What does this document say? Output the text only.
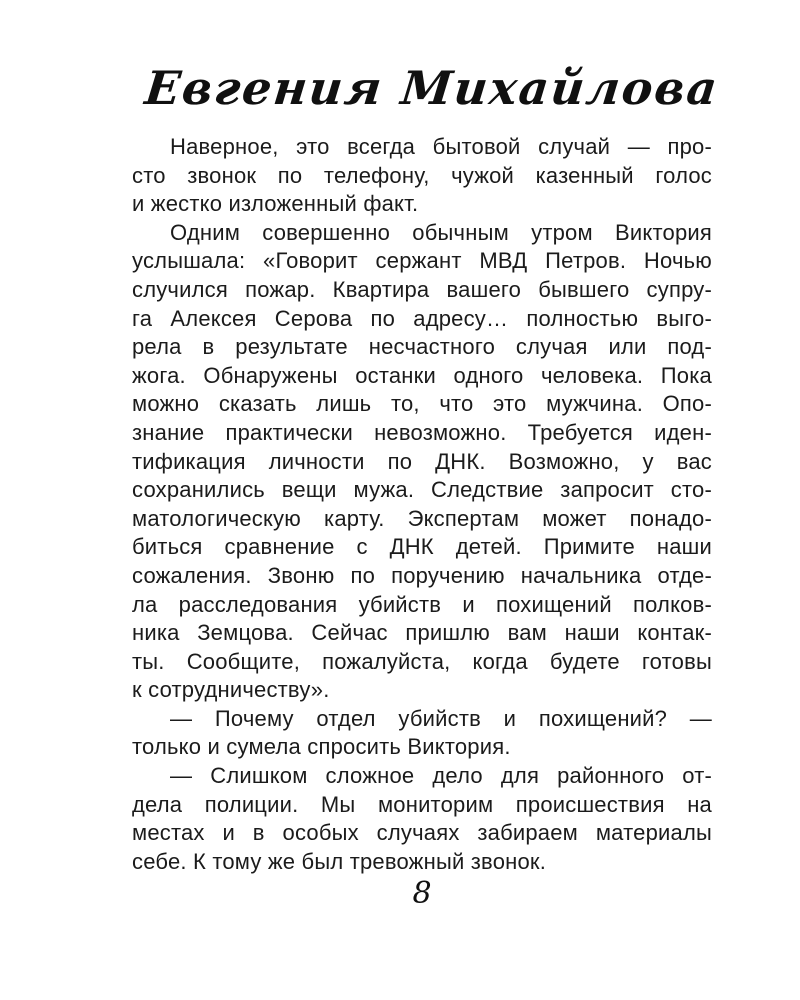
Евгения Михайлова
Наверное, это всегда бытовой случай — про-
сто звонок по телефону, чужой казенный голос
и жестко изложенный факт.
Одним совершенно обычным утром Виктория
услышала: «Говорит сержант МВД Петров. Ночью
случился пожар. Квартира вашего бывшего супру-
га Алексея Серова по адресу… полностью выго-
рела в результате несчастного случая или под-
жога. Обнаружены останки одного человека. Пока
можно сказать лишь то, что это мужчина. Опо-
знание практически невозможно. Требуется иден-
тификация личности по ДНК. Возможно, у вас
сохранились вещи мужа. Следствие запросит сто-
матологическую карту. Экспертам может понадо-
биться сравнение с ДНК детей. Примите наши
сожаления. Звоню по поручению начальника отде-
ла расследования убийств и похищений полков-
ника Земцова. Сейчас пришлю вам наши контак-
ты. Сообщите, пожалуйста, когда будете готовы
к сотрудничеству».
— Почему отдел убийств и похищений? —
только и сумела спросить Виктория.
— Слишком сложное дело для районного от-
дела полиции. Мы мониторим происшествия на
местах и в особых случаях забираем материалы
себе. К тому же был тревожный звонок.
8
